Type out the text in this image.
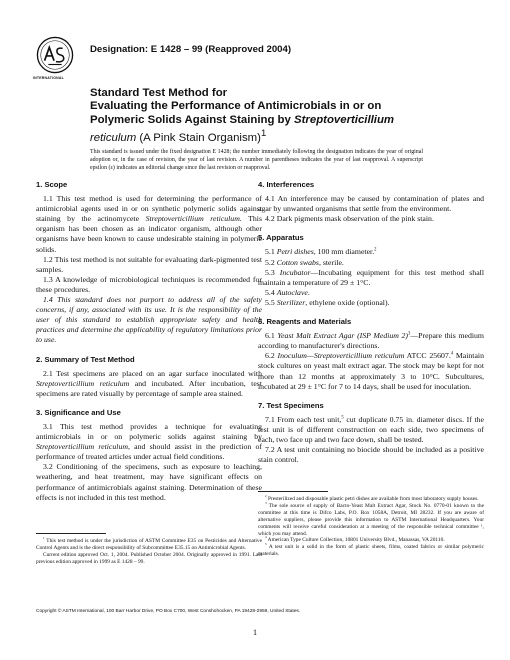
INTERNATIONAL
Designation: E 1428 – 99 (Reapproved 2004)
Standard Test Method for
Evaluating the Performance of Antimicrobials in or on
Polymeric Solids Against Staining by Streptoverticillium
reticulum (A Pink Stain Organism)$^1$
This standard is issued under the fixed designation E 1428; the number immediately following the designation indicates the year of original adoption or, in the case of revision, the year of last revision. A number in parentheses indicates the year of last reapproval. A superscript epsilon (ε) indicates an editorial change since the last revision or reapproval.

1. Scope

1.1 This test method is used for determining the performance of antimicrobial agents used in or on synthetic polymeric solids against staining by the actinomycete Streptoverticillium reticulum. This organism has been chosen as an indicator organism, although other organisms have been known to cause undesirable staining in polymeric solids.

1.2 This test method is not suitable for evaluating dark-pigmented test samples.

1.3 A knowledge of microbiological techniques is recommended for these procedures.

1.4 This standard does not purport to address all of the safety concerns, if any, associated with its use. It is the responsibility of the user of this standard to establish appropriate safety and health practices and determine the applicability of regulatory limitations prior to use.

2. Summary of Test Method

2.1 Test specimens are placed on an agar surface inoculated with Streptoverticillium reticulum and incubated. After incubation, test specimens are rated visually by percentage of sample area stained.

3. Significance and Use

3.1 This test method provides a technique for evaluating antimicrobials in or on polymeric solids against staining by Streptoverticillium reticulum, and should assist in the prediction of performance of treated articles under actual field conditions.

3.2 Conditioning of the specimens, such as exposure to leaching, weathering, and heat treatment, may have significant effects on performance of antimicrobials against staining. Determination of these effects is not included in this test method.

4. Interferences

4.1 An interference may be caused by contamination of plates and agar by unwanted organisms that settle from the environment.

4.2 Dark pigments mask observation of the pink stain.

5. Apparatus

5.1 Petri dishes, 100 mm diameter.$^2$

5.2 Cotton swabs, sterile.

5.3 Incubator—Incubating equipment for this test method shall maintain a temperature of 29 ± 1°C.

5.4 Autoclave.

5.5 Sterilizer, ethylene oxide (optional).

6. Reagents and Materials

6.1 Yeast Malt Extract Agar (ISP Medium 2)$^3$—Prepare this medium according to manufacturer's directions.

6.2 Inoculum—Streptoverticillium reticulum ATCC 25607.$^4$ Maintain stock cultures on yeast malt extract agar. The stock may be kept for not more than 12 months at approximately 3 to 10°C. Subcultures, incubated at 29 ± 1°C for 7 to 14 days, shall be used for inoculation.

7. Test Specimens

7.1 From each test unit,$^5$ cut duplicate 0.75 in. diameter discs. If the test unit is of different construction on each side, two specimens of each, two face up and two face down, shall be tested.

7.2 A test unit containing no biocide should be included as a positive stain control.

$^1$ This test method is under the jurisdiction of ASTM Committee E35 on Pesticides and Alternative Control Agents and is the direct responsibility of Subcommittee E35.15 on Antimicrobial Agents.

Current edition approved Oct. 1, 2004. Published October 2004. Originally approved in 1991. Last previous edition approved in 1999 as E 1428 – 99.

$^2$ Presterilized and disposable plastic petri dishes are available from most laboratory supply houses.

$^3$ The sole source of supply of Bacto-Yeast Malt Extract Agar, Stock No. 0770-01 known to the committee at this time is Difco Labs, P.O. Box 1058A, Detroit, MI 28232. If you are aware of alternative suppliers, please provide this information to ASTM International Headquarters. Your comments will receive careful consideration at a meeting of the responsible technical committee ¹, which you may attend.

$^4$ American Type Culture Collection, 10801 University Blvd., Manassas, VA 20110.

$^5$ A test unit is a solid in the form of plastic sheets, films, coated fabrics or similar polymeric materials.

Copyright © ASTM International, 100 Barr Harbor Drive, PO Box C700, West Conshohocken, PA 19428-2959, United States.
1
